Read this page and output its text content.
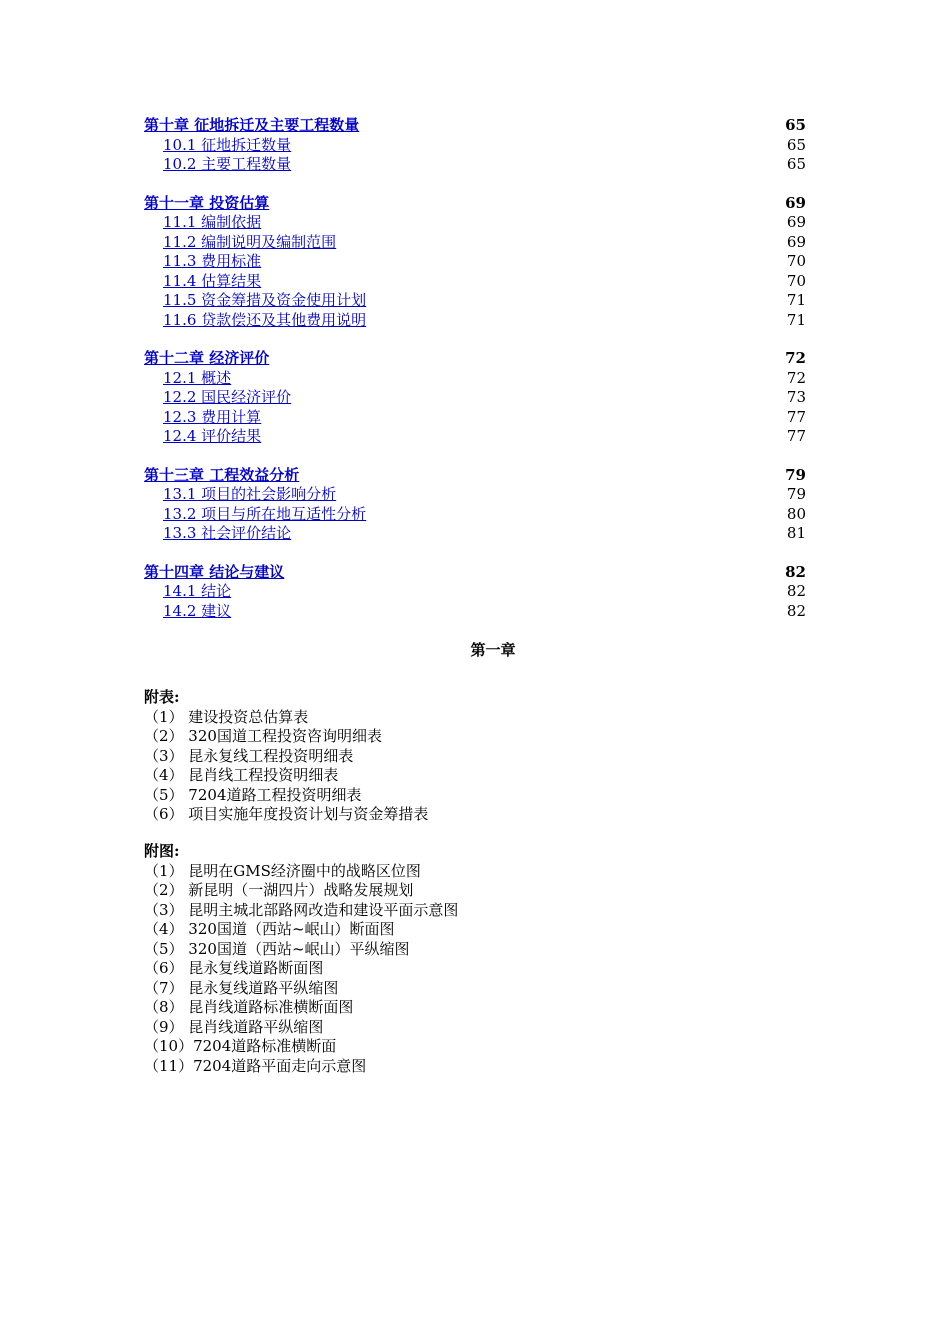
第十章 征地拆迁及主要工程数量	65
10.1 征地拆迁数量	65
10.2 主要工程数量	65
第十一章 投资估算	69
11.1 编制依据	69
11.2 编制说明及编制范围	69
11.3 费用标准	70
11.4 估算结果	70
11.5 资金筹措及资金使用计划	71
11.6 贷款偿还及其他费用说明	71
第十二章 经济评价	72
12.1 概述	72
12.2 国民经济评价	73
12.3 费用计算	77
12.4 评价结果	77
第十三章 工程效益分析	79
13.1 项目的社会影响分析	79
13.2 项目与所在地互适性分析	80
13.3 社会评价结论	81
第十四章 结论与建议	82
14.1 结论	82
14.2 建议	82
第一章
附表:
（1） 建设投资总估算表
（2） 320国道工程投资咨询明细表
（3） 昆永复线工程投资明细表
（4） 昆肖线工程投资明细表
（5） 7204道路工程投资明细表
（6） 项目实施年度投资计划与资金筹措表
附图:
（1） 昆明在GMS经济圈中的战略区位图
（2） 新昆明（一湖四片）战略发展规划
（3） 昆明主城北部路网改造和建设平面示意图
（4） 320国道（西站~岷山）断面图
（5） 320国道（西站~岷山）平纵缩图
（6） 昆永复线道路断面图
（7） 昆永复线道路平纵缩图
（8） 昆肖线道路标准横断面图
（9） 昆肖线道路平纵缩图
（10）7204道路标准横断面
（11）7204道路平面走向示意图
